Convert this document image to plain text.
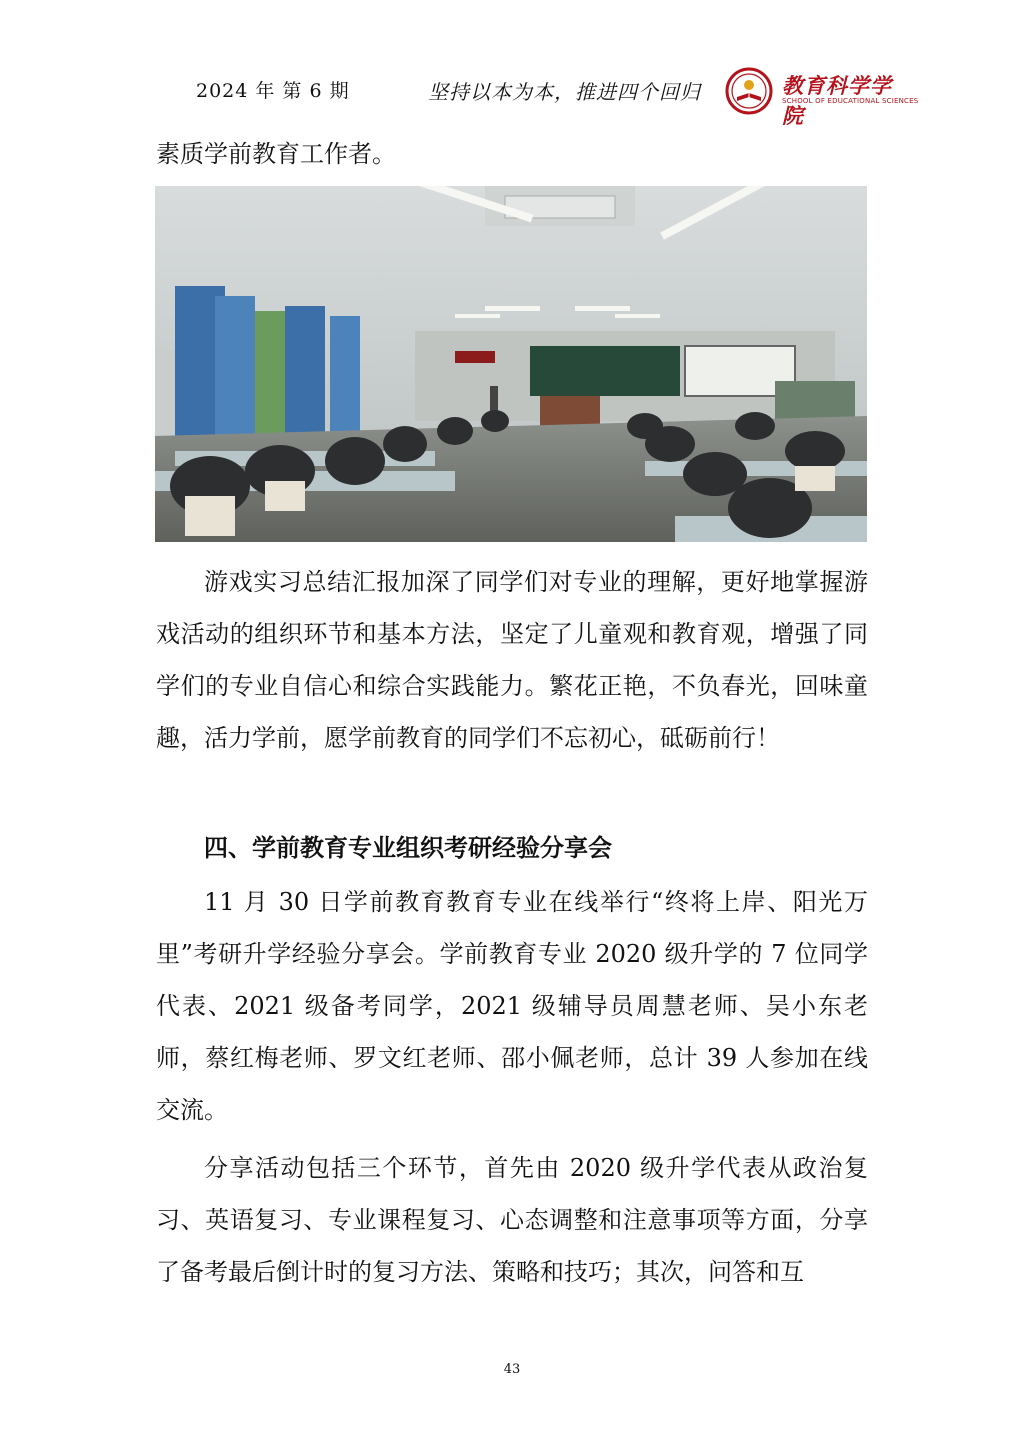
2024 年 第 6 期	坚持以本为本，推进四个回归	教育科学学院
SCHOOL OF EDUCATIONAL SCIENCES

素质学前教育工作者。

游戏实习总结汇报加深了同学们对专业的理解，更好地掌握游戏活动的组织环节和基本方法，坚定了儿童观和教育观，增强了同学们的专业自信心和综合实践能力。繁花正艳，不负春光，回味童趣，活力学前，愿学前教育的同学们不忘初心，砥砺前行！

四、学前教育专业组织考研经验分享会

11 月 30 日学前教育教育专业在线举行“终将上岸、阳光万里”考研升学经验分享会。学前教育专业 2020 级升学的 7 位同学代表、2021 级备考同学，2021 级辅导员周慧老师、吴小东老师，蔡红梅老师、罗文红老师、邵小佩老师，总计 39 人参加在线交流。

分享活动包括三个环节，首先由 2020 级升学代表从政治复习、英语复习、专业课程复习、心态调整和注意事项等方面，分享了备考最后倒计时的复习方法、策略和技巧；其次，问答和互

43
